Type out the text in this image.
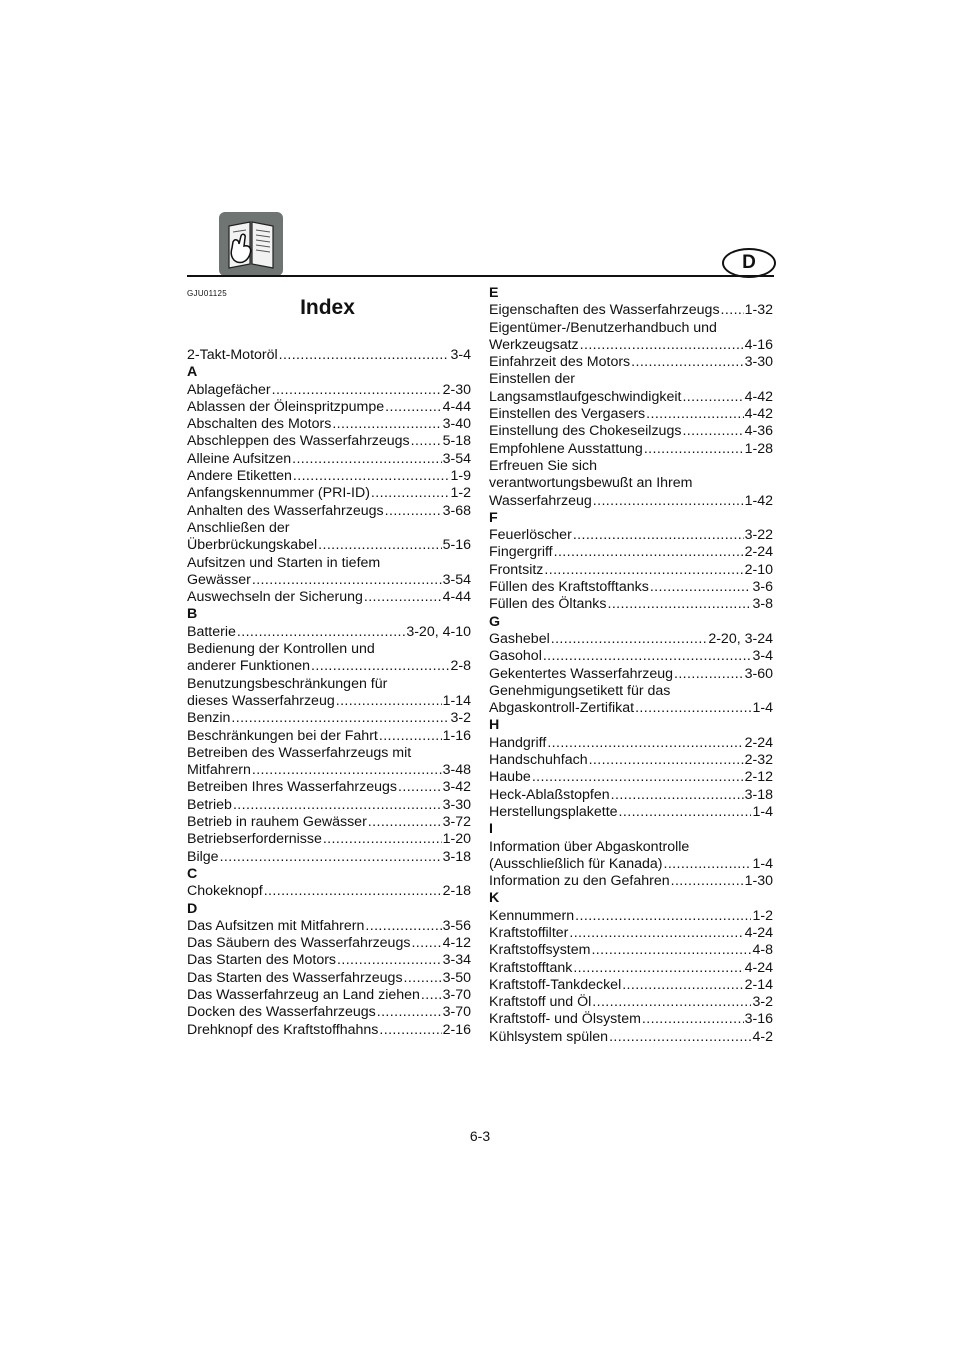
D
GJU01125
Index
2-Takt-Motoröl .....	3-4
A
Ablagefächer .....	2-30
Ablassen der Öleinspritzpumpe .....	4-44
Abschalten des Motors .....	3-40
Abschleppen des Wasserfahrzeugs ..... 5-18
Alleine Aufsitzen .....	3-54
Andere Etiketten .....	1-9
Anfangskennummer (PRI-ID) .....	1-2
Anhalten des Wasserfahrzeugs .....	3-68
Anschließen der
Überbrückungskabel .....	5-16
Aufsitzen und Starten in tiefem
Gewässer .....	3-54
Auswechseln der Sicherung .....	4-44
B
Batterie .....	3-20, 4-10
Bedienung der Kontrollen und
anderer Funktionen .....	2-8
Benutzungsbeschränkungen für
dieses Wasserfahrzeug .....	1-14
Benzin .....	3-2
Beschränkungen bei der Fahrt .....	1-16
Betreiben des Wasserfahrzeugs mit
Mitfahrern .....	3-48
Betreiben Ihres Wasserfahrzeugs .....	3-42
Betrieb .....	3-30
Betrieb in rauhem Gewässer .....	3-72
Betriebserfordernisse .....	1-20
Bilge .....	3-18
C
Chokeknopf .....	2-18
D
Das Aufsitzen mit Mitfahrern .....	3-56
Das Säubern des Wasserfahrzeugs ..... 4-12
Das Starten des Motors .....	3-34
Das Starten des Wasserfahrzeugs .....	3-50
Das Wasserfahrzeug an Land ziehen ..... 3-70
Docken des Wasserfahrzeugs .....	3-70
Drehknopf des Kraftstoffhahns .....	2-16
E
Eigenschaften des Wasserfahrzeugs ..... 1-32
Eigentümer-/Benutzerhandbuch und
Werkzeugsatz .....	4-16
Einfahrzeit des Motors .....	3-30
Einstellen der
Langsamstlaufgeschwindigkeit .....	4-42
Einstellen des Vergasers .....	4-42
Einstellung des Chokeseilzugs .....	4-36
Empfohlene Ausstattung .....	1-28
Erfreuen Sie sich
verantwortungsbewußt an Ihrem
Wasserfahrzeug .....	1-42
F
Feuerlöscher .....	3-22
Fingergriff .....	2-24
Frontsitz .....	2-10
Füllen des Kraftstofftanks .....	3-6
Füllen des Öltanks .....	3-8
G
Gashebel .....	2-20, 3-24
Gasohol .....	3-4
Gekentertes Wasserfahrzeug .....	3-60
Genehmigungsetikett für das
Abgaskontroll-Zertifikat .....	1-4
H
Handgriff .....	2-24
Handschuhfach .....	2-32
Haube .....	2-12
Heck-Ablaßstopfen .....	3-18
Herstellungsplakette .....	1-4
I
Information über Abgaskontrolle
(Ausschließlich für Kanada) .....	1-4
Information zu den Gefahren .....	1-30
K
Kennummern .....	1-2
Kraftstoffilter .....	4-24
Kraftstoffsystem .....	4-8
Kraftstofftank .....	4-24
Kraftstoff-Tankdeckel .....	2-14
Kraftstoff und Öl .....	3-2
Kraftstoff- und Ölsystem .....	3-16
Kühlsystem spülen .....	4-2
6-3
